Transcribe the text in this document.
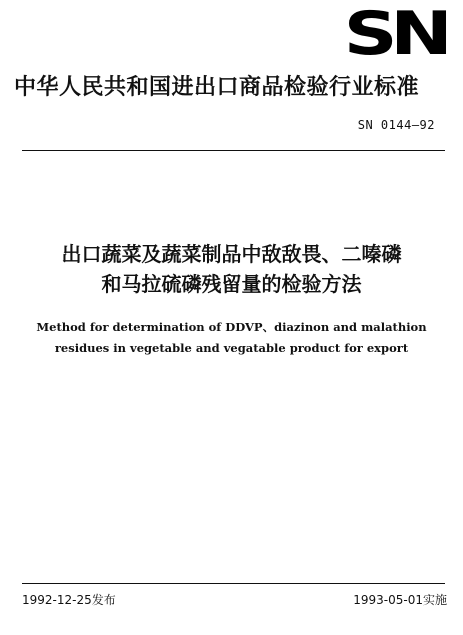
SN
中华人民共和国进出口商品检验行业标准
SN 0144—92
出口蔬菜及蔬菜制品中敌敌畏、二嗪磷
和马拉硫磷残留量的检验方法
Method for determination of DDVP、diazinon and malathion
residues in vegetable and vegatable product for export
1992-12-25发布	1993-05-01实施
